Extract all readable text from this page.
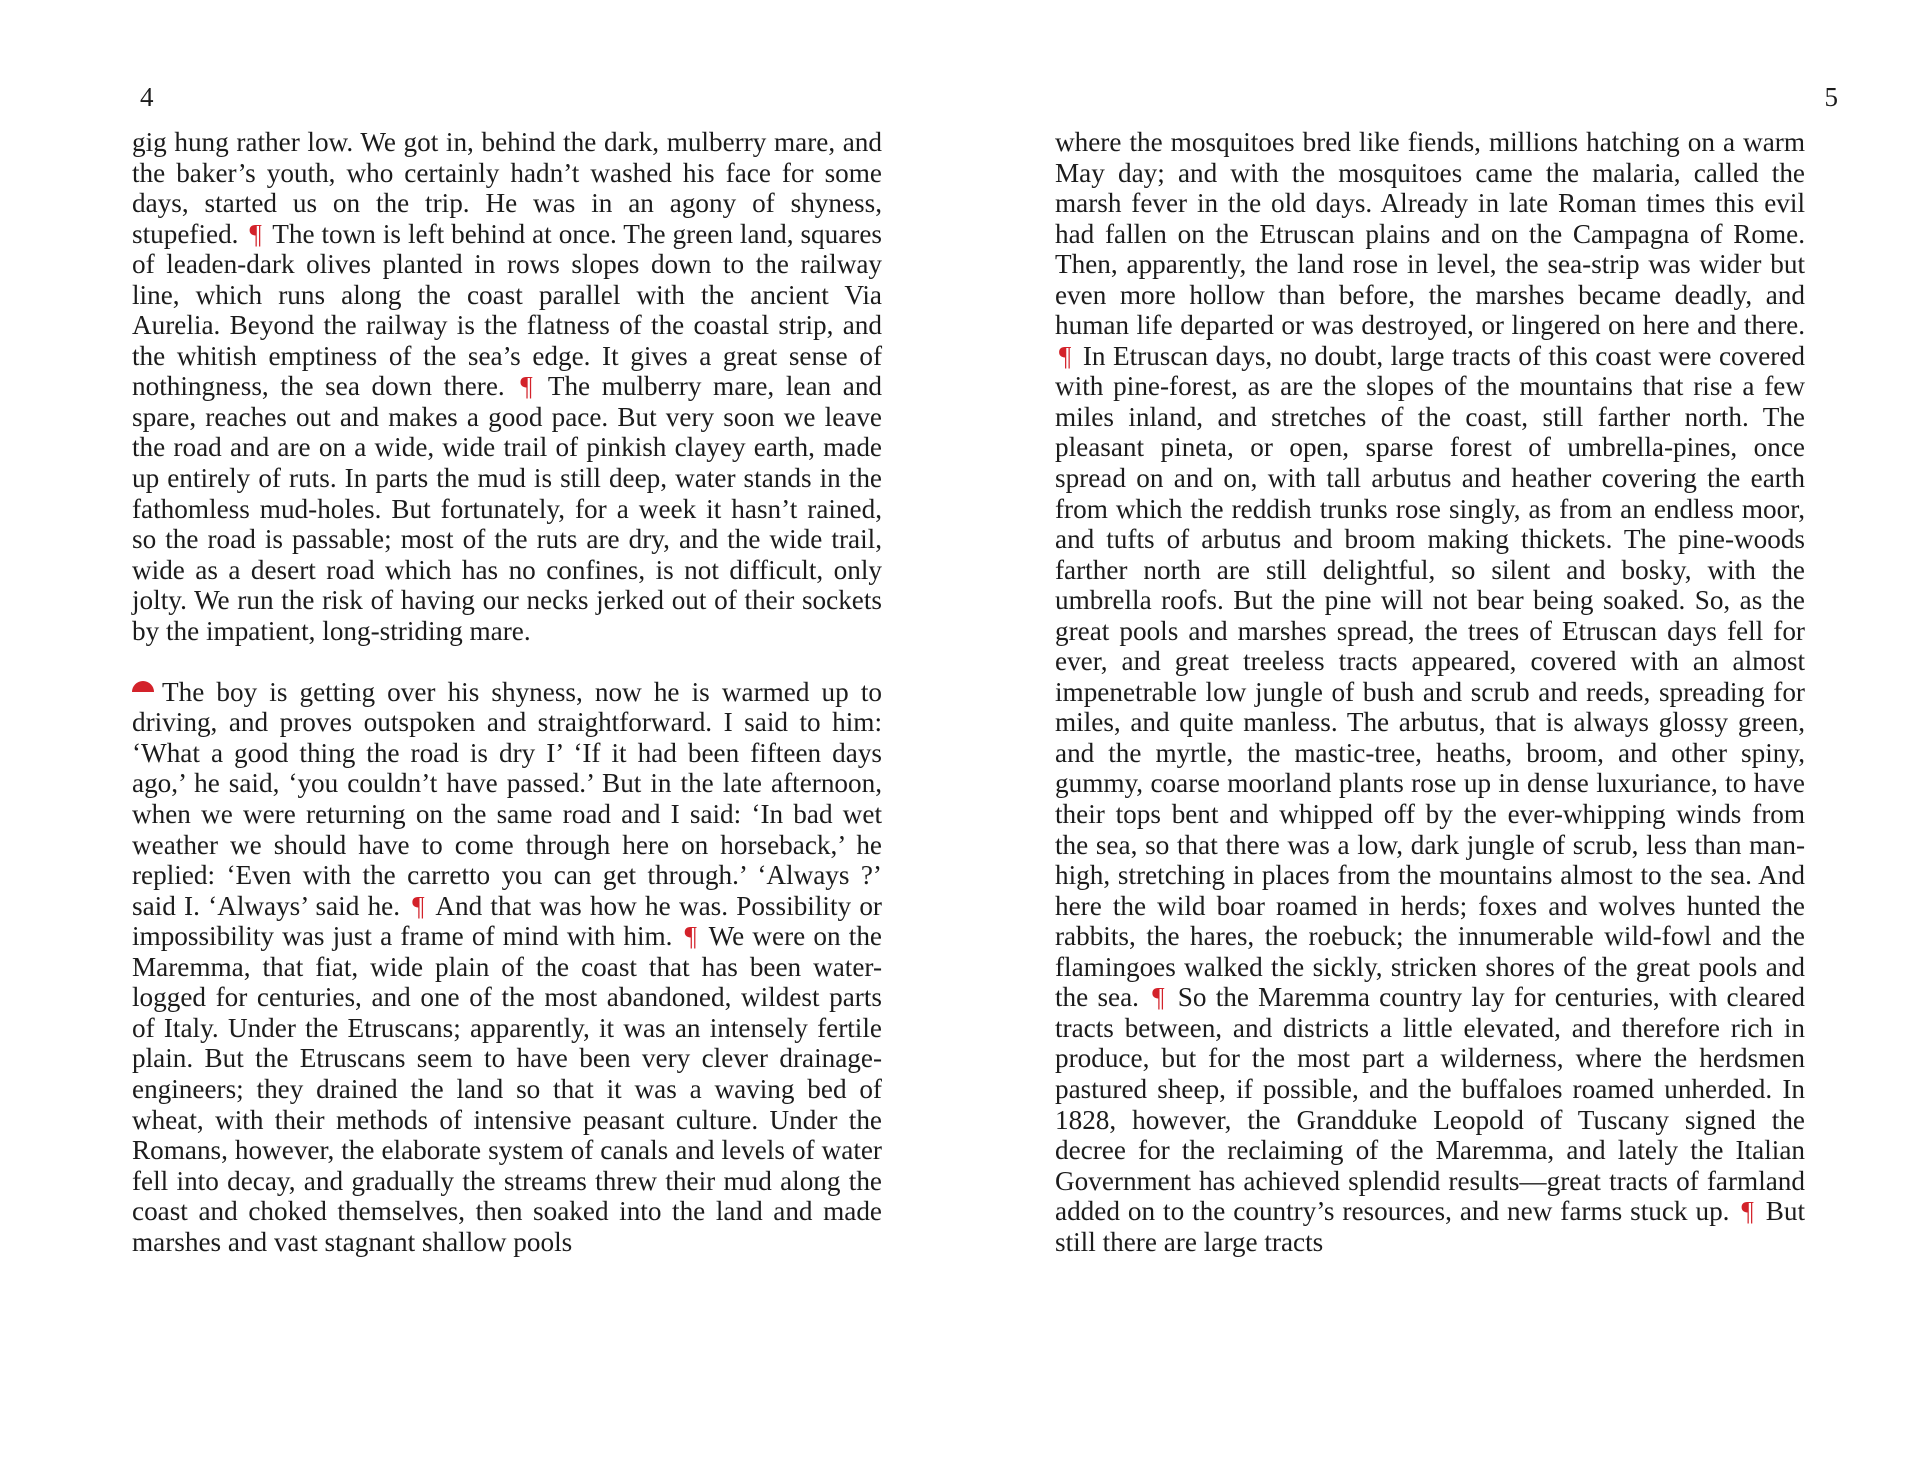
4

gig hung rather low. We got in, behind the dark, mulberry mare, and the baker’s youth, who certainly hadn’t washed his face for some days, started us on the trip. He was in an agony of shyness, stupefied. ¶ The town is left behind at once. The green land, squares of leaden-dark olives planted in rows slopes down to the railway line, which runs along the coast parallel with the ancient Via Aurelia. Beyond the railway is the flatness of the coastal strip, and the whitish emptiness of the sea’s edge. It gives a great sense of nothingness, the sea down there. ¶ The mulberry mare, lean and spare, reaches out and makes a good pace. But very soon we leave the road and are on a wide, wide trail of pinkish clayey earth, made up entirely of ruts. In parts the mud is still deep, water stands in the fathomless mud-holes. But fortunately, for a week it hasn’t rained, so the road is passable; most of the ruts are dry, and the wide trail, wide as a desert road which has no confines, is not difficult, only jolty. We run the risk of having our necks jerked out of their sockets by the impatient, long-striding mare.

The boy is getting over his shyness, now he is warmed up to driving, and proves outspoken and straightforward. I said to him: ‘What a good thing the road is dry I’ ‘If it had been fifteen days ago,’ he said, ‘you couldn’t have passed.’ But in the late afternoon, when we were returning on the same road and I said: ‘In bad wet weather we should have to come through here on horseback,’ he replied: ‘Even with the carretto you can get through.’ ‘Always ?’ said I. ‘Always’ said he. ¶ And that was how he was. Possibility or impossibility was just a frame of mind with him. ¶ We were on the Maremma, that fiat, wide plain of the coast that has been water-logged for centuries, and one of the most abandoned, wildest parts of Italy. Under the Etruscans; apparently, it was an intensely fertile plain. But the Etruscans seem to have been very clever drainage-engineers; they drained the land so that it was a waving bed of wheat, with their methods of intensive peasant culture. Under the Romans, however, the elaborate system of canals and levels of water fell into decay, and gradually the streams threw their mud along the coast and choked themselves, then soaked into the land and made marshes and vast stagnant shallow pools

5

where the mosquitoes bred like fiends, millions hatching on a warm May day; and with the mosquitoes came the malaria, called the marsh fever in the old days. Already in late Roman times this evil had fallen on the Etruscan plains and on the Campagna of Rome. Then, apparently, the land rose in level, the sea-strip was wider but even more hollow than before, the marshes became deadly, and human life departed or was destroyed, or lingered on here and there. ¶ In Etruscan days, no doubt, large tracts of this coast were covered with pine-forest, as are the slopes of the mountains that rise a few miles inland, and stretches of the coast, still farther north. The pleasant pineta, or open, sparse forest of umbrella-pines, once spread on and on, with tall arbutus and heather covering the earth from which the reddish trunks rose singly, as from an endless moor, and tufts of arbutus and broom making thickets. The pine-woods farther north are still delightful, so silent and bosky, with the umbrella roofs. But the pine will not bear being soaked. So, as the great pools and marshes spread, the trees of Etruscan days fell for ever, and great treeless tracts appeared, covered with an almost impenetrable low jungle of bush and scrub and reeds, spreading for miles, and quite manless. The arbutus, that is always glossy green, and the myrtle, the mastic-tree, heaths, broom, and other spiny, gummy, coarse moorland plants rose up in dense luxuriance, to have their tops bent and whipped off by the ever-whipping winds from the sea, so that there was a low, dark jungle of scrub, less than man-high, stretching in places from the mountains almost to the sea. And here the wild boar roamed in herds; foxes and wolves hunted the rabbits, the hares, the roebuck; the innumerable wild-fowl and the flamingoes walked the sickly, stricken shores of the great pools and the sea. ¶ So the Maremma country lay for centuries, with cleared tracts between, and districts a little elevated, and therefore rich in produce, but for the most part a wilderness, where the herdsmen pastured sheep, if possible, and the buffaloes roamed unherded. In 1828, however, the Grandduke Leopold of Tuscany signed the decree for the reclaiming of the Maremma, and lately the Italian Government has achieved splendid results—great tracts of farmland added on to the country’s resources, and new farms stuck up. ¶ But still there are large tracts
